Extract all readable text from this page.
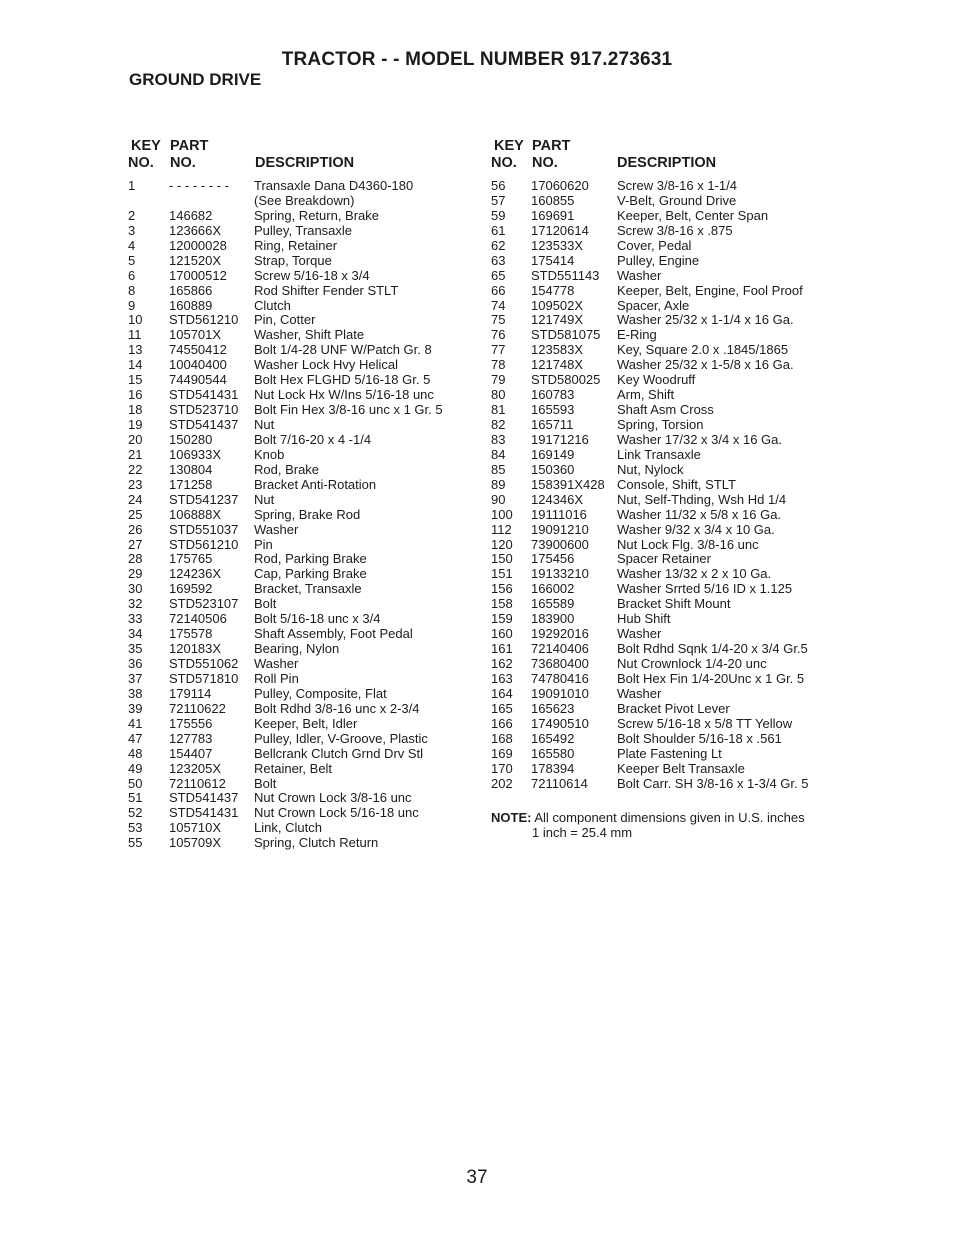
TRACTOR - - MODEL NUMBER 917.273631
GROUND DRIVE
KEY PART
NO. NO.	DESCRIPTION
1	- - - - - - - - Transaxle Dana D4360-180
(See Breakdown)
2	146682	Spring, Return, Brake
3	123666X	Pulley, Transaxle
4	12000028 Ring, Retainer
5	121520X	Strap, Torque
6	17000512 Screw 5/16-18 x 3/4
8	165866	Rod Shifter Fender STLT
9	160889	Clutch
10 STD561210 Pin, Cotter
11 105701X	Washer, Shift Plate
13 74550412 Bolt 1/4-28 UNF W/Patch Gr. 8
14 10040400 Washer Lock Hvy Helical
15 74490544 Bolt Hex FLGHD 5/16-18 Gr. 5
16 STD541431 Nut Lock Hx W/Ins 5/16-18 unc
18 STD523710 Bolt Fin Hex 3/8-16 unc x 1 Gr. 5
19 STD541437 Nut
20 150280	Bolt 7/16-20 x 4 -1/4
21 106933X	Knob
22 130804	Rod, Brake
23 171258	Bracket Anti-Rotation
24 STD541237 Nut
25 106888X	Spring, Brake Rod
26 STD551037 Washer
27 STD561210 Pin
28 175765	Rod, Parking Brake
29 124236X	Cap, Parking Brake
30 169592	Bracket, Transaxle
32 STD523107 Bolt
33 72140506 Bolt 5/16-18 unc x 3/4
34 175578	Shaft Assembly, Foot Pedal
35 120183X	Bearing, Nylon
36 STD551062 Washer
37 STD571810 Roll Pin
38 179114	Pulley, Composite, Flat
39 72110622 Bolt Rdhd 3/8-16 unc x 2-3/4
41 175556	Keeper, Belt, Idler
47 127783	Pulley, Idler, V-Groove, Plastic
48 154407	Bellcrank Clutch Grnd Drv Stl
49 123205X	Retainer, Belt
50 72110612 Bolt
51 STD541437 Nut Crown Lock 3/8-16 unc
52 STD541431 Nut Crown Lock 5/16-18 unc
53 105710X	Link, Clutch
55 105709X	Spring, Clutch Return
KEY PART
NO. NO.	DESCRIPTION
56 17060620 Screw 3/8-16 x 1-1/4
57 160855	V-Belt, Ground Drive
59 169691	Keeper, Belt, Center Span
61 17120614 Screw 3/8-16 x .875
62 123533X	Cover, Pedal
63 175414	Pulley, Engine
65 STD551143 Washer
66 154778	Keeper, Belt, Engine, Fool Proof
74 109502X	Spacer, Axle
75 121749X	Washer 25/32 x 1-1/4 x 16 Ga.
76 STD581075 E-Ring
77 123583X	Key, Square 2.0 x .1845/1865
78 121748X	Washer 25/32 x 1-5/8 x 16 Ga.
79 STD580025 Key Woodruff
80 160783	Arm, Shift
81 165593	Shaft Asm Cross
82 165711	Spring, Torsion
83 19171216 Washer 17/32 x 3/4 x 16 Ga.
84 169149	Link Transaxle
85 150360	Nut, Nylock
89 158391X428 Console, Shift, STLT
90 124346X	Nut, Self-Thding, Wsh Hd 1/4
100 19111016 Washer 11/32 x 5/8 x 16 Ga.
112 19091210 Washer 9/32 x 3/4 x 10 Ga.
120 73900600 Nut Lock Flg. 3/8-16 unc
150 175456	Spacer Retainer
151 19133210 Washer 13/32 x 2 x 10 Ga.
156 166002	Washer Srrted 5/16 ID x 1.125
158 165589	Bracket Shift Mount
159 183900	Hub Shift
160 19292016 Washer
161 72140406 Bolt Rdhd Sqnk 1/4-20 x 3/4 Gr.5
162 73680400 Nut Crownlock 1/4-20 unc
163 74780416 Bolt Hex Fin 1/4-20Unc x 1 Gr. 5
164 19091010 Washer
165 165623	Bracket Pivot Lever
166 17490510 Screw 5/16-18 x 5/8 TT Yellow
168 165492	Bolt Shoulder 5/16-18 x .561
169 165580	Plate Fastening Lt
170 178394	Keeper Belt Transaxle
202 72110614 Bolt Carr. SH 3/8-16 x 1-3/4 Gr. 5
NOTE: All component dimensions given in U.S. inches
1 inch = 25.4 mm
37
